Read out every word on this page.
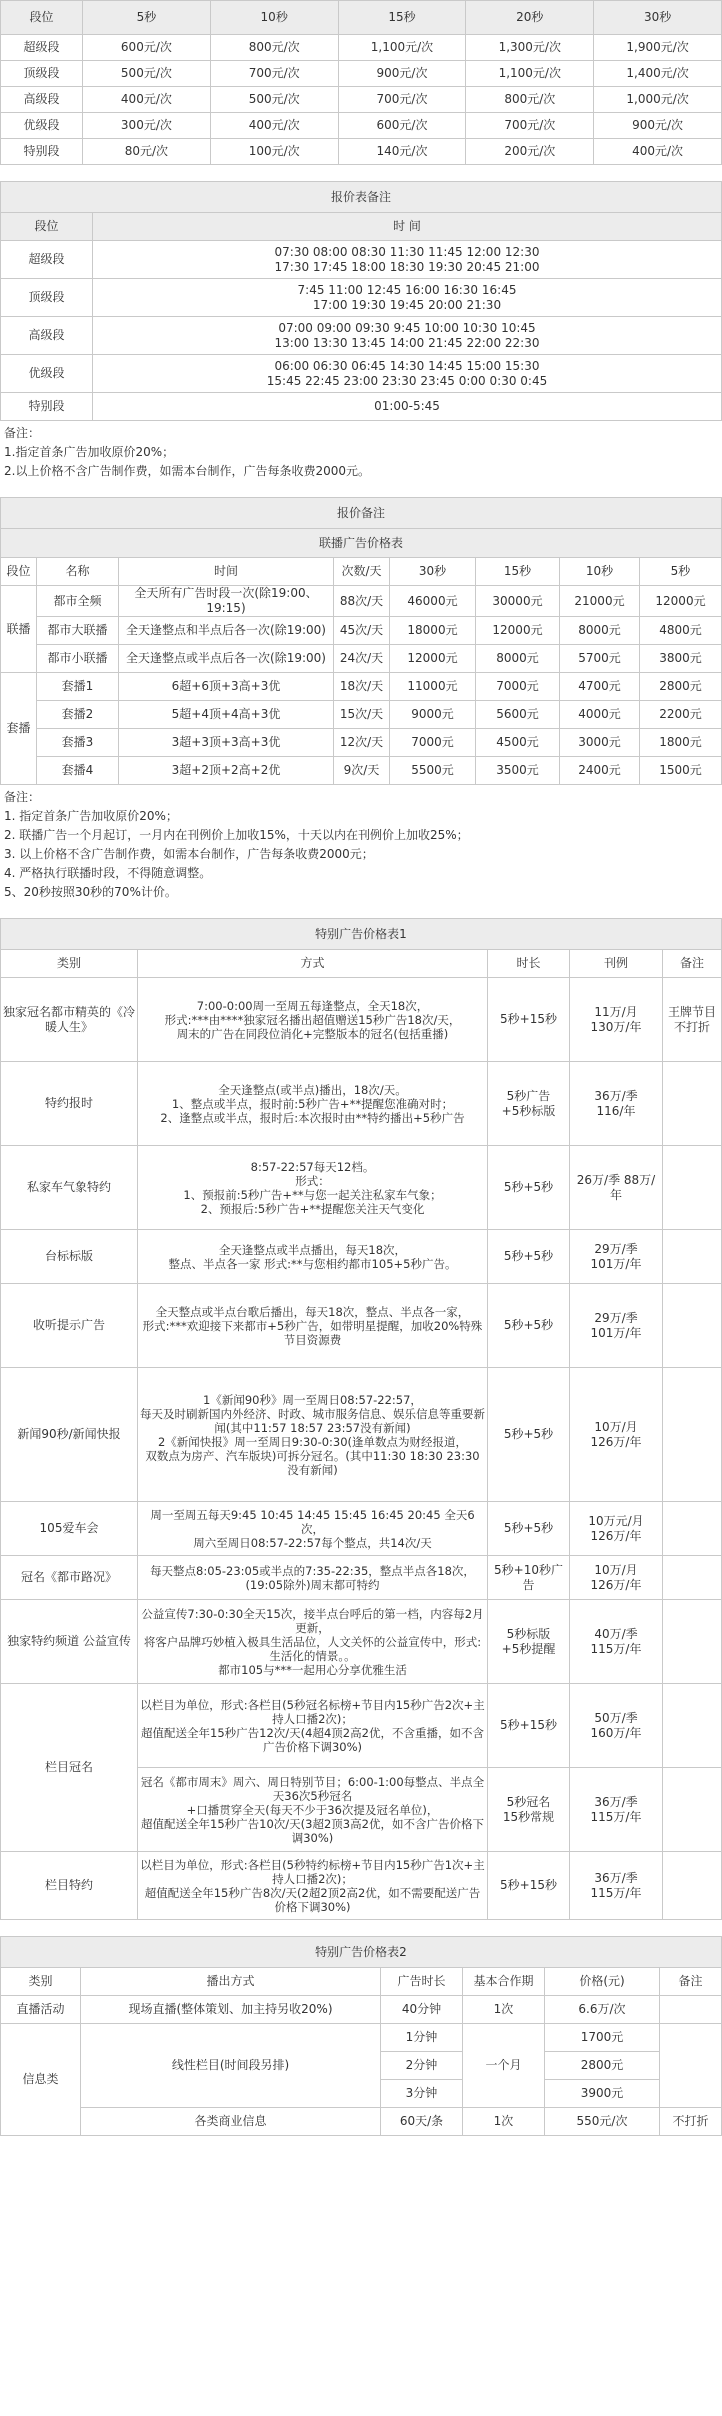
段位	5秒	10秒	15秒	20秒	30秒
超级段	600元/次	800元/次	1,100元/次	1,300元/次	1,900元/次
顶级段	500元/次	700元/次	900元/次	1,100元/次	1,400元/次
高级段	400元/次	500元/次	700元/次	800元/次	1,000元/次
优级段	300元/次	400元/次	600元/次	700元/次	900元/次
特别段	80元/次	100元/次	140元/次	200元/次	400元/次
报价表备注	
段位	时 间
超级段	07:30 08:00 08:30 11:30 11:45 12:00 12:30
17:30 17:45 18:00 18:30 19:30 20:45 21:00
顶级段	7:45 11:00 12:45 16:00 16:30 16:45
17:00 19:30 19:45 20:00 21:30
高级段	07:00 09:00 09:30 9:45 10:00 10:30 10:45
13:00 13:30 13:45 14:00 21:45 22:00 22:30
优级段	06:00 06:30 06:45 14:30 14:45 15:00 15:30
15:45 22:45 23:00 23:30 23:45 0:00 0:30 0:45
特别段	01:00-5:45
备注：
1.指定首条广告加收原价20%；
2.以上价格不含广告制作费，如需本台制作，广告每条收费2000元。
报价备注							
联播广告价格表							
段位	名称	时间	次数/天	30秒	15秒	10秒	5秒
联播	都市全频	全天所有广告时段一次(除19:00、19:15)	88次/天	46000元	30000元	21000元	12000元
	都市大联播	全天逢整点和半点后各一次(除19:00)	45次/天	18000元	12000元	8000元	4800元
	都市小联播	全天逢整点或半点后各一次(除19:00)	24次/天	12000元	8000元	5700元	3800元
套播	套播1	6超+6顶+3高+3优	18次/天	11000元	7000元	4700元	2800元
	套播2	5超+4顶+4高+3优	15次/天	9000元	5600元	4000元	2200元
	套播3	3超+3顶+3高+3优	12次/天	7000元	4500元	3000元	1800元
	套播4	3超+2顶+2高+2优	9次/天	5500元	3500元	2400元	1500元
备注：
1. 指定首条广告加收原价20%；
2. 联播广告一个月起订，一月内在刊例价上加收15%，十天以内在刊例价上加收25%；
3. 以上价格不含广告制作费，如需本台制作，广告每条收费2000元；
4. 严格执行联播时段，不得随意调整。
5、20秒按照30秒的70%计价。
特别广告价格表1				
类别	方式	时长	刊例	备注
独家冠名都市精英的《冷暖人生》	7:00-0:00周一至周五每逢整点，全天18次，
形式:***由****独家冠名播出超值赠送15秒广告18次/天，
周末的广告在同段位消化+完整版本的冠名(包括重播)	5秒+15秒	11万/月
130万/年	王牌节目
不打折
特约报时	全天逢整点(或半点)播出，18次/天。
1、整点或半点，报时前:5秒广告+**提醒您准确对时；
2、逢整点或半点，报时后:本次报时由**特约播出+5秒广告	5秒广告
+5秒标版	36万/季
116/年	
私家车气象特约	8:57-22:57每天12档。
形式：
1、预报前:5秒广告+**与您一起关注私家车气象；
2、预报后:5秒广告+**提醒您关注天气变化	5秒+5秒	26万/季 88万/年	
台标标版	全天逢整点或半点播出，每天18次，
整点、半点各一家 形式:**与您相约都市105+5秒广告。	5秒+5秒	29万/季
101万/年	
收听提示广告	全天整点或半点台歌后播出，每天18次，整点、半点各一家，
形式:***欢迎接下来都市+5秒广告，如带明星提醒，加收20%特殊节目资源费	5秒+5秒	29万/季
101万/年	
新闻90秒/新闻快报	1《新闻90秒》周一至周日08:57-22:57，
每天及时刷新国内外经济、时政、城市服务信息、娱乐信息等重要新闻(其中11:57 18:57 23:57没有新闻)
2《新闻快报》周一至周日9:30-0:30(逢单数点为财经报道，
双数点为房产、汽车版块)可拆分冠名。(其中11:30 18:30 23:30没有新闻)	5秒+5秒	10万/月
126万/年	
105爱车会	周一至周五每天9:45 10:45 14:45 15:45 16:45 20:45 全天6次，
周六至周日08:57-22:57每个整点，共14次/天	5秒+5秒	10万元/月
126万/年	
冠名《都市路况》	每天整点8:05-23:05或半点的7:35-22:35，整点半点各18次，(19:05除外)周末都可特约	5秒+10秒广告	10万/月
126万/年	
独家特约频道 公益宣传	公益宣传7:30-0:30全天15次，接半点台呼后的第一档，内容每2月更新，
将客户品牌巧妙植入极具生活品位，人文关怀的公益宣传中，形式:生活化的情景。。
都市105与***一起用心分享优雅生活	5秒标版
+5秒提醒	40万/季
115万/年	
栏目冠名	以栏目为单位，形式:各栏目(5秒冠名标榜+节目内15秒广告2次+主持人口播2次)；
超值配送全年15秒广告12次/天(4超4顶2高2优，不含重播，如不含广告价格下调30%)	5秒+15秒	50万/季
160万/年	
	冠名《都市周末》周六、周日特别节目；6:00-1:00每整点、半点全天36次5秒冠名
+口播贯穿全天(每天不少于36次提及冠名单位)，
超值配送全年15秒广告10次/天(3超2顶3高2优，如不含广告价格下调30%)	5秒冠名
15秒常规	36万/季
115万/年	
栏目特约	以栏目为单位，形式:各栏目(5秒特约标榜+节目内15秒广告1次+主持人口播2次)；
超值配送全年15秒广告8次/天(2超2顶2高2优，如不需要配送广告价格下调30%)	5秒+15秒	36万/季
115万/年	
特别广告价格表2					
类别	播出方式	广告时长	基本合作期	价格(元)	备注
直播活动	现场直播(整体策划、加主持另收20%)	40分钟	1次	6.6万/次	
信息类	线性栏目(时间段另排)	1分钟	一个月	1700元	
		2分钟		2800元	
		3分钟		3900元	
	各类商业信息	60天/条	1次	550元/次	不打折
